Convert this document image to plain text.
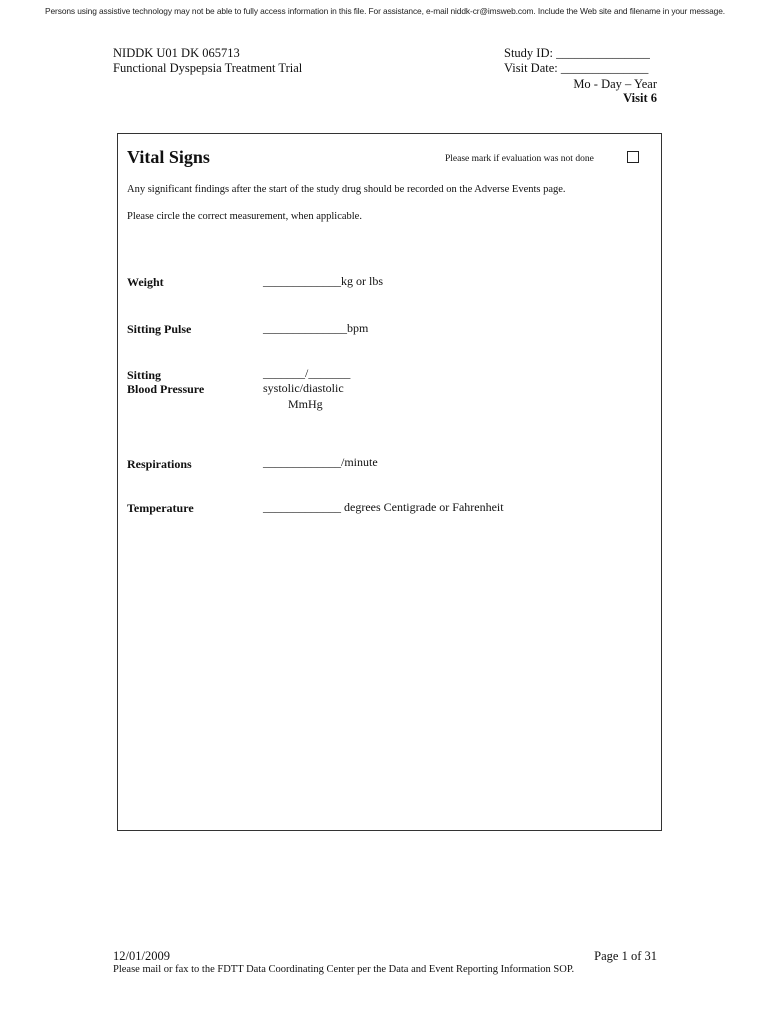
Persons using assistive technology may not be able to fully access information in this file. For assistance, e-mail niddk-cr@imsweb.com. Include the Web site and filename in your message.
NIDDK U01 DK 065713
Functional Dyspepsia Treatment Trial
Study ID: _______________
Visit Date: ______________
Mo - Day – Year
Visit 6
Vital Signs	Please mark if evaluation was not done
Any significant findings after the start of the study drug should be recorded on the Adverse Events page.
Please circle the correct measurement, when applicable.
Weight	_____________kg or lbs
Sitting Pulse	______________bpm
Sitting
Blood Pressure
_______/_______
systolic/diastolic
MmHg
Respirations	_____________/minute
Temperature	_____________ degrees Centigrade or Fahrenheit
12/01/2009	Page 1 of 31
Please mail or fax to the FDTT Data Coordinating Center per the Data and Event Reporting Information SOP.
